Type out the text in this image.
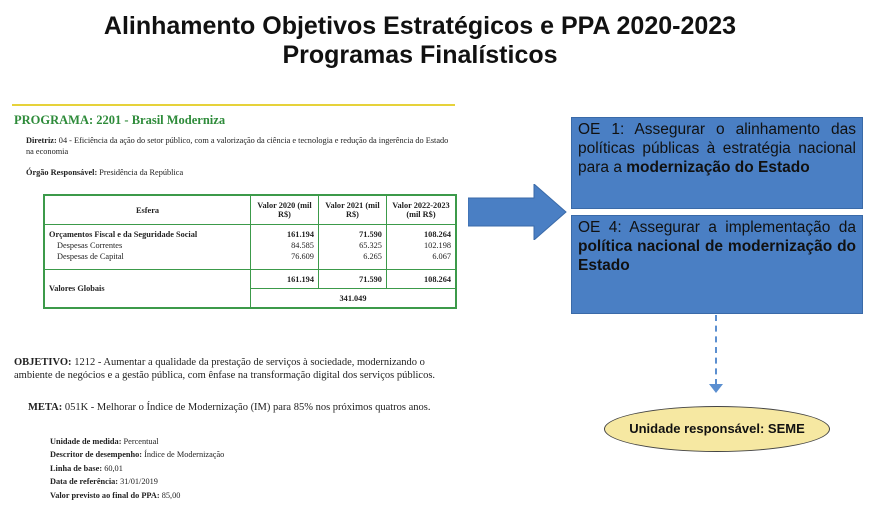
Alinhamento Objetivos Estratégicos e PPA 2020-2023
Programas Finalísticos
PROGRAMA: 2201 - Brasil Moderniza
Diretriz: 04 - Eficiência da ação do setor público, com a valorização da ciência e tecnologia e redução da ingerência do Estado na economia
Órgão Responsável: Presidência da República
Esfera	Valor 2020 (mil R$)	Valor 2021 (mil R$)	Valor 2022-2023 (mil R$)
Orçamentos Fiscal e da Seguridade Social	161.194	71.590	108.264
Despesas Correntes	84.585	65.325	102.198
Despesas de Capital	76.609	6.265	6.067
Valores Globais	161.194	71.590	108.264
	341.049		
OBJETIVO: 1212 - Aumentar a qualidade da prestação de serviços à sociedade, modernizando o ambiente de negócios e a gestão pública, com ênfase na transformação digital dos serviços públicos.
META: 051K - Melhorar o Índice de Modernização (IM) para 85% nos próximos quatros anos.
Unidade de medida: Percentual
Descritor de desempenho: Índice de Modernização
Linha de base: 60,01
Data de referência: 31/01/2019
Valor previsto ao final do PPA: 85,00
OE 1: Assegurar o alinhamento das políticas públicas à estratégia nacional para a modernização do Estado
OE 4: Assegurar a implementação da política nacional de modernização do Estado
Unidade responsável: SEME
